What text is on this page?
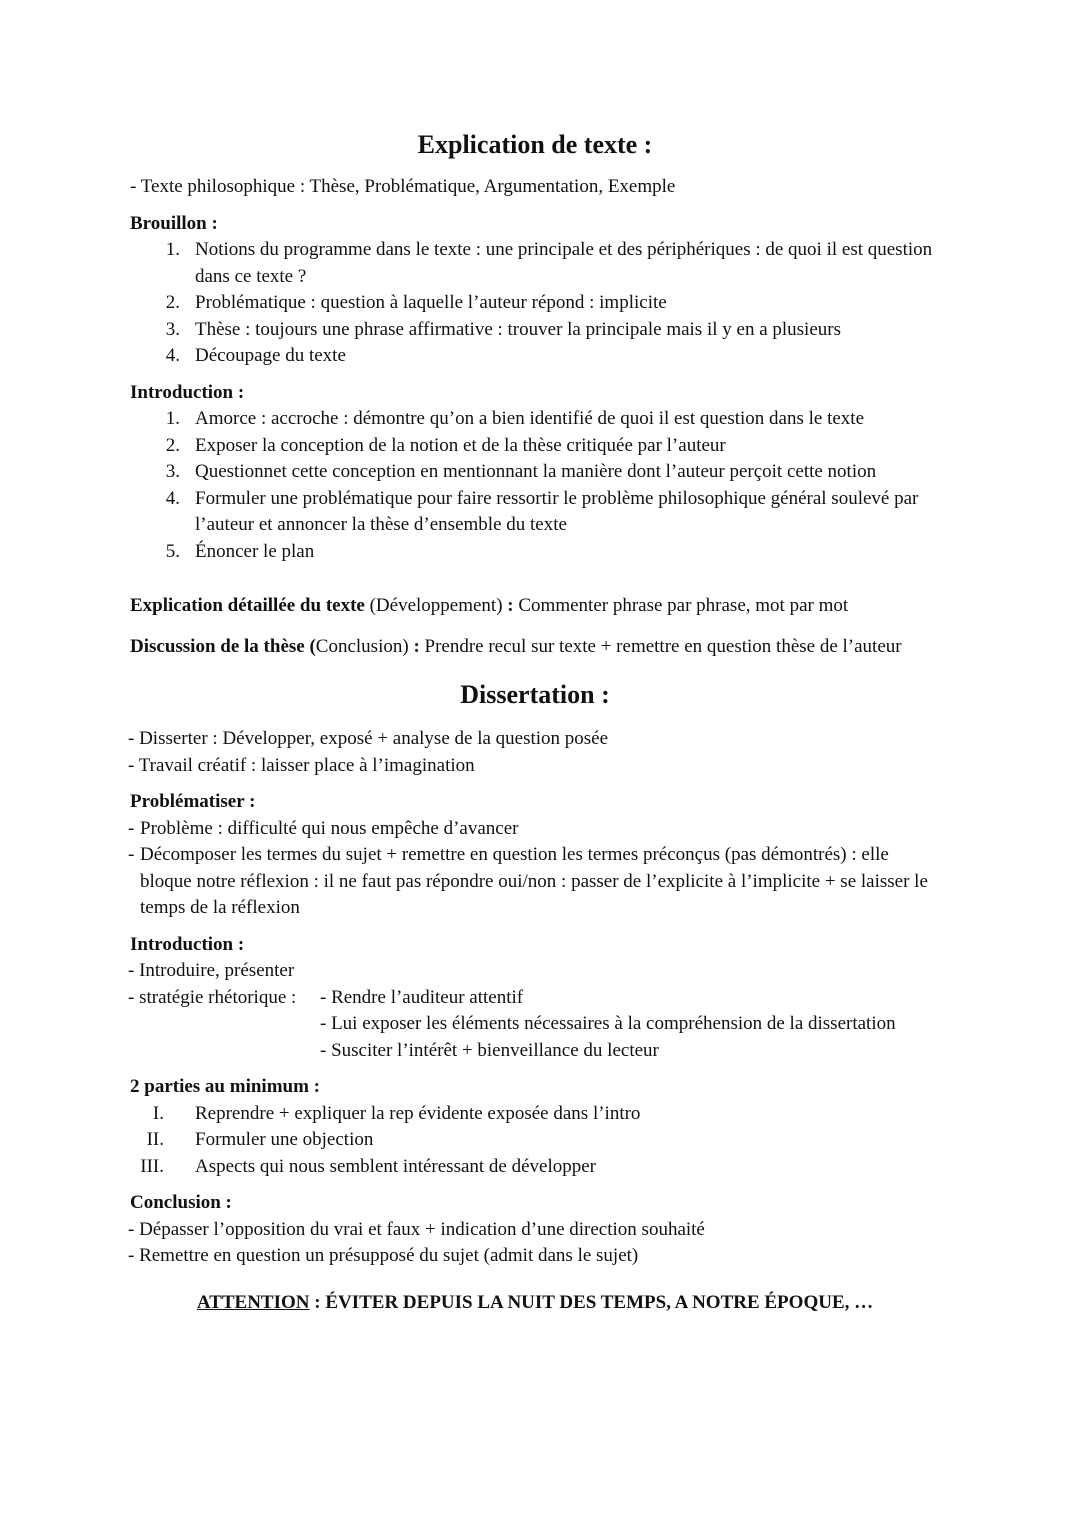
Explication de texte :

- Texte philosophique : Thèse, Problématique, Argumentation, Exemple

Brouillon :
1. Notions du programme dans le texte : une principale et des périphériques : de quoi il est question dans ce texte ?
2. Problématique : question à laquelle l’auteur répond : implicite
3. Thèse : toujours une phrase affirmative : trouver la principale mais il y en a plusieurs
4. Découpage du texte
Introduction :
1. Amorce : accroche : démontre qu’on a bien identifié de quoi il est question dans le texte
2. Exposer la conception de la notion et de la thèse critiquée par l’auteur
3. Questionnet cette conception en mentionnant la manière dont l’auteur perçoit cette notion
4. Formuler une problématique pour faire ressortir le problème philosophique général soulevé par l’auteur et annoncer la thèse d’ensemble du texte
5. Énoncer le plan

Explication détaillée du texte (Développement) : Commenter phrase par phrase, mot par mot

Discussion de la thèse (Conclusion) : Prendre recul sur texte + remettre en question thèse de l’auteur

Dissertation :

- Disserter : Développer, exposé + analyse de la question posée

- Travail créatif : laisser place à l’imagination

Problématiser :
- Problème : difficulté qui nous empêche d’avancer
- Décomposer les termes du sujet + remettre en question les termes préconçus (pas démontrés) : elle bloque notre réflexion : il ne faut pas répondre oui/non : passer de l’explicite à l’implicite + se laisser le temps de la réflexion
Introduction :

- Introduire, présenter

- stratégie rhétorique : - Rendre l’auditeur attentif
- Lui exposer les éléments nécessaires à la compréhension de la dissertation
- Susciter l’intérêt + bienveillance du lecteur
2 parties au minimum :
I. Reprendre + expliquer la rep évidente exposée dans l’intro
II. Formuler une objection
III. Aspects qui nous semblent intéressant de développer
Conclusion :

- Dépasser l’opposition du vrai et faux + indication d’une direction souhaité

- Remettre en question un présupposé du sujet (admit dans le sujet)

ATTENTION : ÉVITER DEPUIS LA NUIT DES TEMPS, A NOTRE ÉPOQUE, …
